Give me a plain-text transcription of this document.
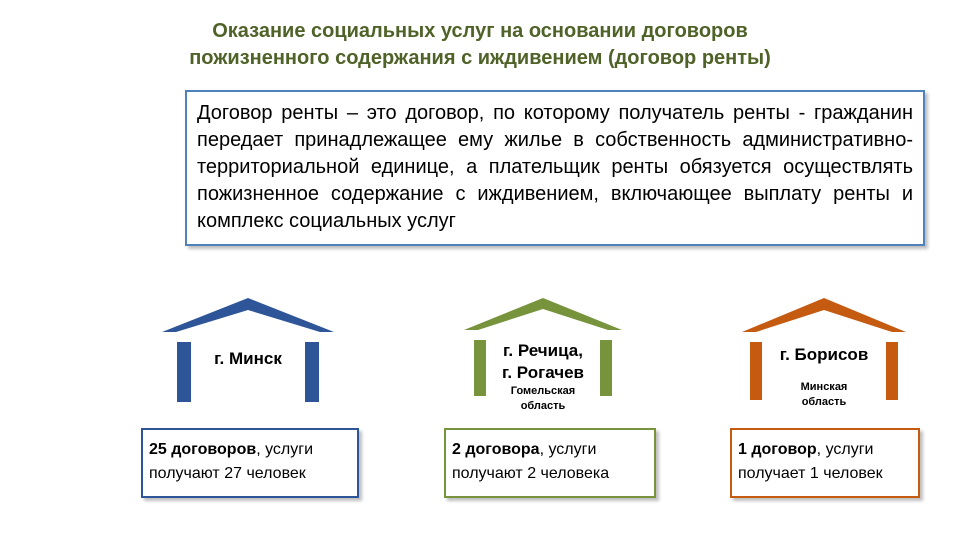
Оказание социальных услуг на основании договоров
пожизненного содержания с иждивением (договор ренты)
Договор ренты – это договор, по которому получатель ренты - гражданин передает принадлежащее ему жилье в собственность административно-территориальной единице, а плательщик ренты обязуется осуществлять пожизненное содержание с иждивением, включающее выплату ренты и комплекс социальных услуг
г. Минск	г. Речица,
г. Рогачев
Гомельская
область
г. Борисов
Минская
область
25 договоров, услуги
получают 27 человек
2 договора, услуги
получают 2 человека
1 договор, услуги
получает 1 человек
